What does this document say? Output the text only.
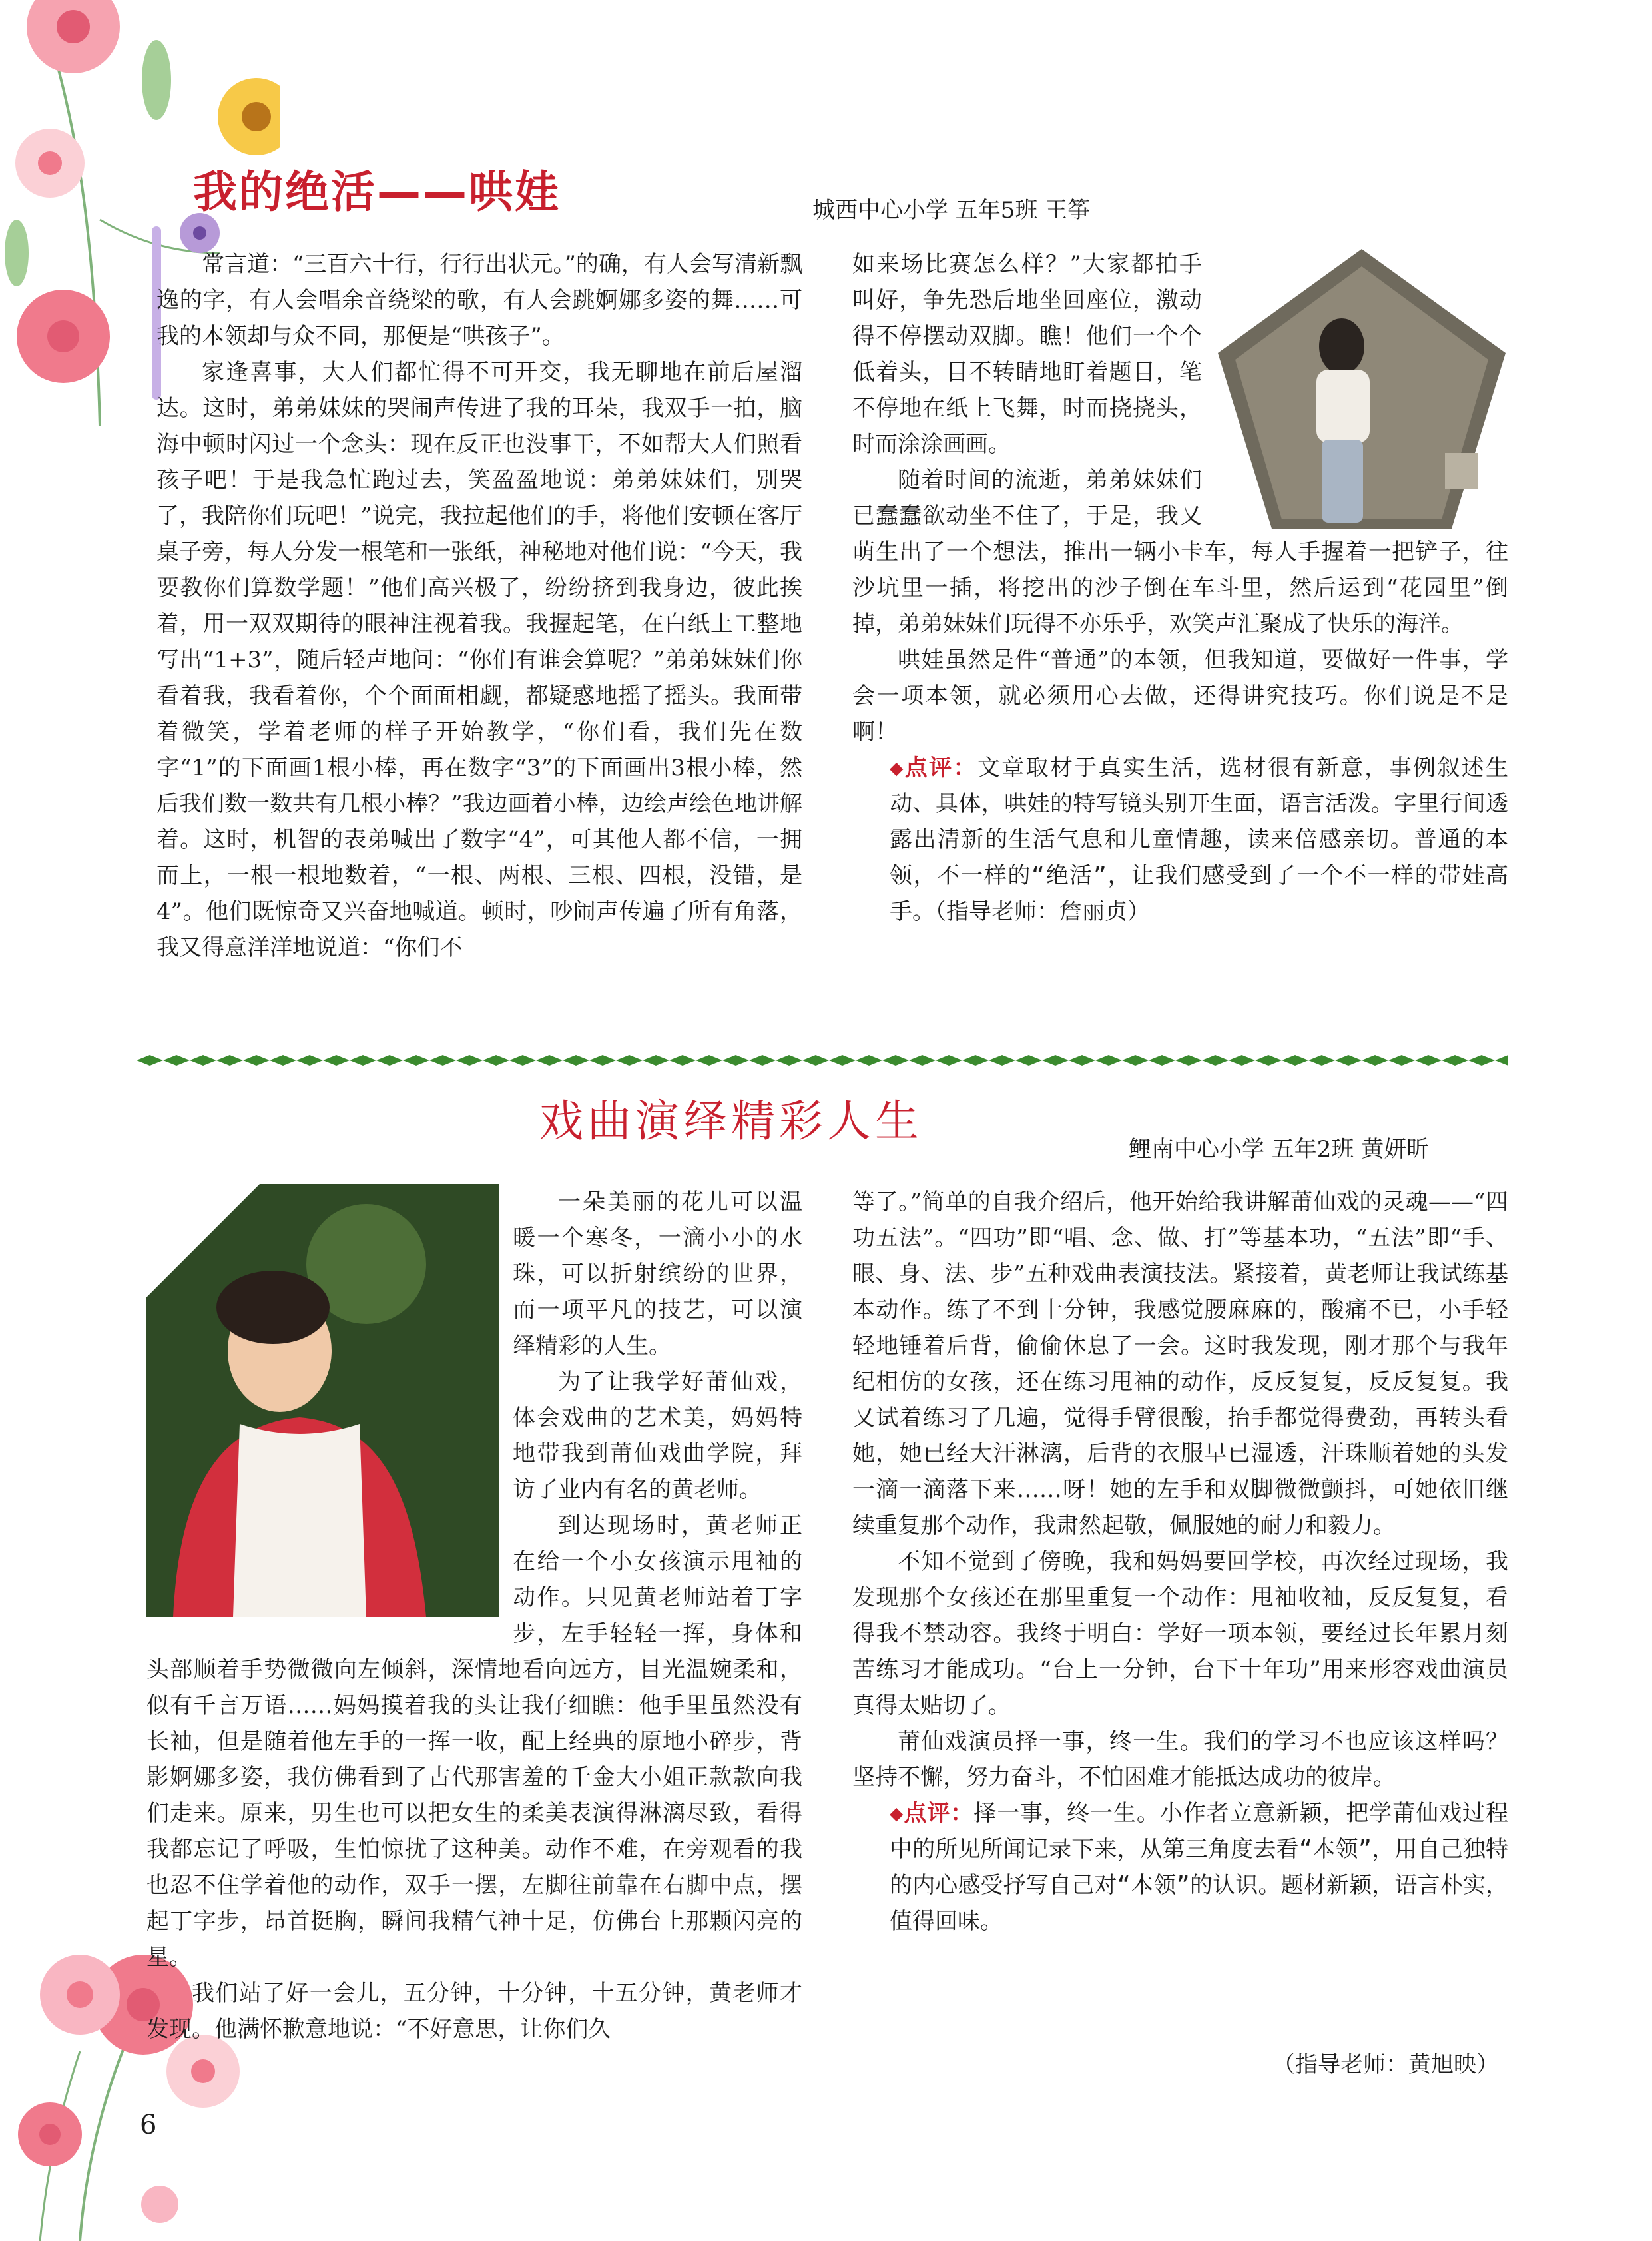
我的绝活——哄娃	城西中心小学 五年5班 王筝

常言道：“三百六十行，行行出状元。”的确，有人会写清新飘逸的字，有人会唱余音绕梁的歌，有人会跳婀娜多姿的舞……可我的本领却与众不同，那便是“哄孩子”。

家逢喜事，大人们都忙得不可开交，我无聊地在前后屋溜达。这时，弟弟妹妹的哭闹声传进了我的耳朵，我双手一拍，脑海中顿时闪过一个念头：现在反正也没事干，不如帮大人们照看孩子吧！于是我急忙跑过去，笑盈盈地说：弟弟妹妹们，别哭了，我陪你们玩吧！”说完，我拉起他们的手，将他们安顿在客厅桌子旁，每人分发一根笔和一张纸，神秘地对他们说：“今天，我要教你们算数学题！”他们高兴极了，纷纷挤到我身边，彼此挨着，用一双双期待的眼神注视着我。我握起笔，在白纸上工整地写出“1+3”，随后轻声地问：“你们有谁会算呢？”弟弟妹妹们你看着我，我看着你，个个面面相觑，都疑惑地摇了摇头。我面带着微笑，学着老师的样子开始教学，“你们看，我们先在数字“1”的下面画1根小棒，再在数字“3”的下面画出3根小棒，然后我们数一数共有几根小棒？”我边画着小棒，边绘声绘色地讲解着。这时，机智的表弟喊出了数字“4”，可其他人都不信，一拥而上，一根一根地数着，“一根、两根、三根、四根，没错，是4”。他们既惊奇又兴奋地喊道。顿时，吵闹声传遍了所有角落，我又得意洋洋地说道：“你们不

如来场比赛怎么样？”大家都拍手叫好，争先恐后地坐回座位，激动得不停摆动双脚。瞧！他们一个个低着头，目不转睛地盯着题目，笔不停地在纸上飞舞，时而挠挠头，时而涂涂画画。

随着时间的流逝，弟弟妹妹们已蠢蠢欲动坐不住了，于是，我又萌生出了一个想法，推出一辆小卡车，每人手握着一把铲子，往沙坑里一插，将挖出的沙子倒在车斗里，然后运到“花园里”倒掉，弟弟妹妹们玩得不亦乐乎，欢笑声汇聚成了快乐的海洋。

哄娃虽然是件“普通”的本领，但我知道，要做好一件事，学会一项本领，就必须用心去做，还得讲究技巧。你们说是不是啊！

◆点评：文章取材于真实生活，选材很有新意，事例叙述生动、具体，哄娃的特写镜头别开生面，语言活泼。字里行间透露出清新的生活气息和儿童情趣，读来倍感亲切。普通的本领，不一样的“绝活”，让我们感受到了一个不一样的带娃高手。（指导老师：詹丽贞）

戏曲演绎精彩人生
鲤南中心小学 五年2班 黄妍昕

一朵美丽的花儿可以温暖一个寒冬，一滴小小的水珠，可以折射缤纷的世界，而一项平凡的技艺，可以演绎精彩的人生。

为了让我学好莆仙戏，体会戏曲的艺术美，妈妈特地带我到莆仙戏曲学院，拜访了业内有名的黄老师。

到达现场时，黄老师正在给一个小女孩演示甩袖的动作。只见黄老师站着丁字步，左手轻轻一挥，身体和头部顺着手势微微向左倾斜，深情地看向远方，目光温婉柔和，似有千言万语……妈妈摸着我的头让我仔细瞧：他手里虽然没有长袖，但是随着他左手的一挥一收，配上经典的原地小碎步，背影婀娜多姿，我仿佛看到了古代那害羞的千金大小姐正款款向我们走来。原来，男生也可以把女生的柔美表演得淋漓尽致，看得我都忘记了呼吸，生怕惊扰了这种美。动作不难，在旁观看的我也忍不住学着他的动作，双手一摆，左脚往前靠在右脚中点，摆起丁字步，昂首挺胸，瞬间我精气神十足，仿佛台上那颗闪亮的星。

我们站了好一会儿，五分钟，十分钟，十五分钟，黄老师才发现。他满怀歉意地说：“不好意思，让你们久

等了。”简单的自我介绍后，他开始给我讲解莆仙戏的灵魂——“四功五法”。“四功”即“唱、念、做、打”等基本功，“五法”即“手、眼、身、法、步”五种戏曲表演技法。紧接着，黄老师让我试练基本动作。练了不到十分钟，我感觉腰麻麻的，酸痛不已，小手轻轻地锤着后背，偷偷休息了一会。这时我发现，刚才那个与我年纪相仿的女孩，还在练习甩袖的动作，反反复复，反反复复。我又试着练习了几遍，觉得手臂很酸，抬手都觉得费劲，再转头看她，她已经大汗淋漓，后背的衣服早已湿透，汗珠顺着她的头发一滴一滴落下来……呀！她的左手和双脚微微颤抖，可她依旧继续重复那个动作，我肃然起敬，佩服她的耐力和毅力。

不知不觉到了傍晚，我和妈妈要回学校，再次经过现场，我发现那个女孩还在那里重复一个动作：甩袖收袖，反反复复，看得我不禁动容。我终于明白：学好一项本领，要经过长年累月刻苦练习才能成功。“台上一分钟，台下十年功”用来形容戏曲演员真得太贴切了。

莆仙戏演员择一事，终一生。我们的学习不也应该这样吗？坚持不懈，努力奋斗，不怕困难才能抵达成功的彼岸。

◆点评：择一事，终一生。小作者立意新颖，把学莆仙戏过程中的所见所闻记录下来，从第三角度去看“本领”，用自己独特的内心感受抒写自己对“本领”的认识。题材新颖，语言朴实，值得回味。

（指导老师：黄旭映）
6
